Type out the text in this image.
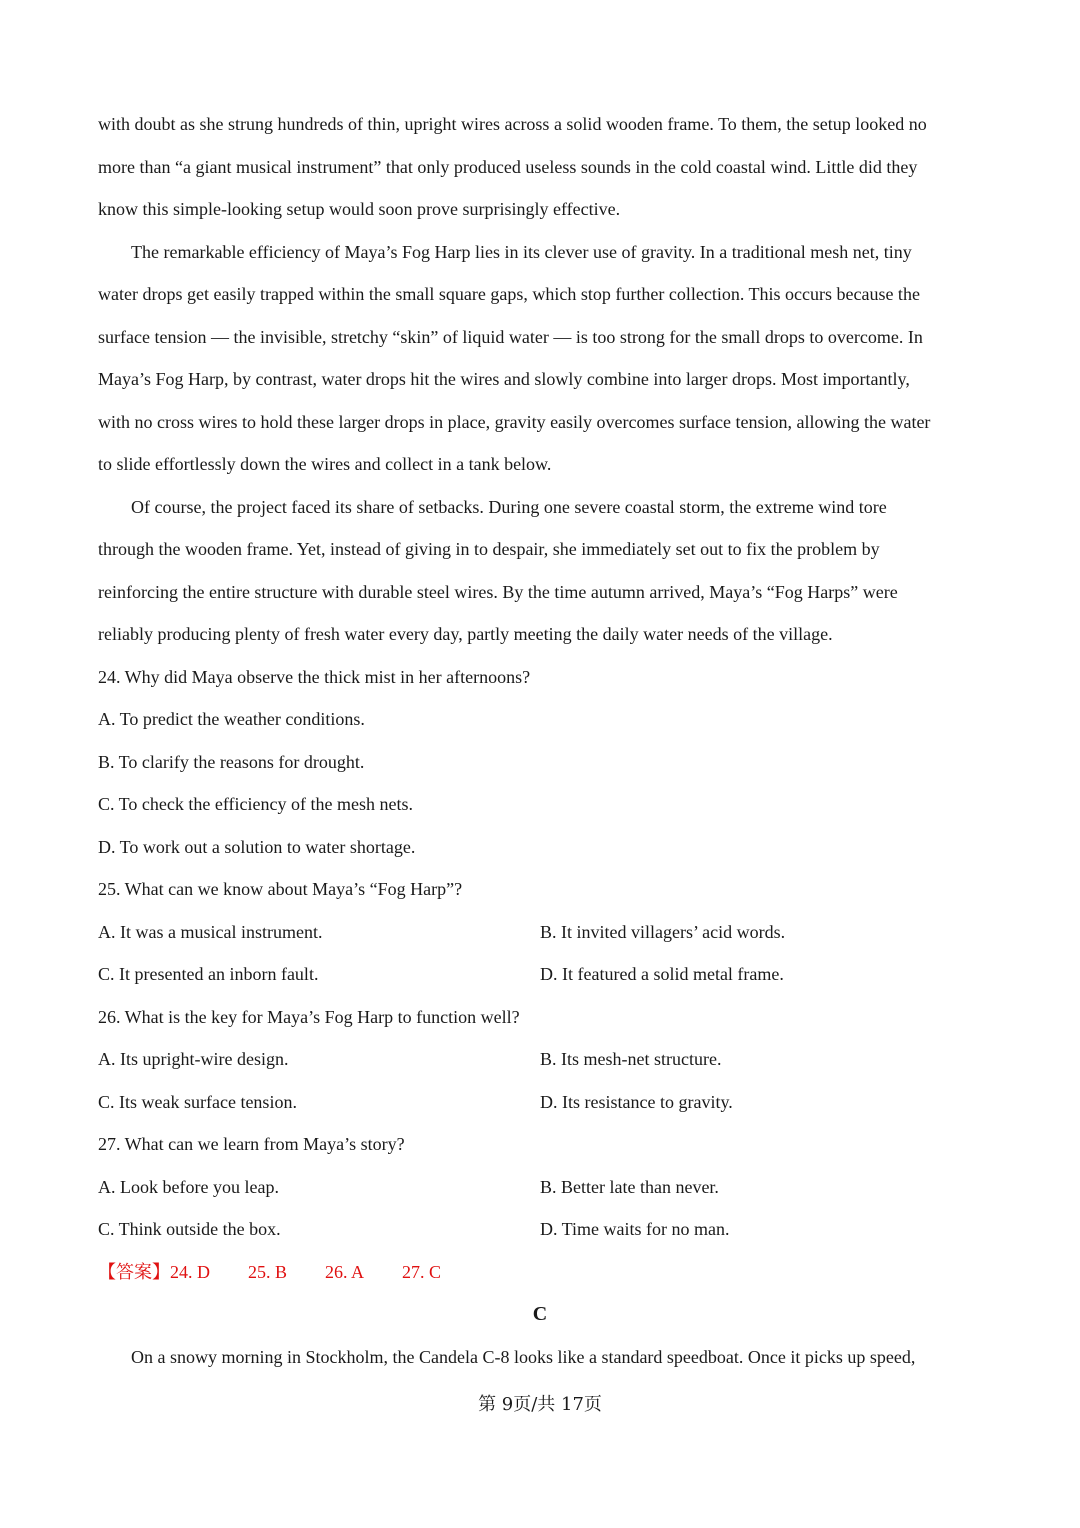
with doubt as she strung hundreds of thin, upright wires across a solid wooden frame. To them, the setup looked no
more than “a giant musical instrument” that only produced useless sounds in the cold coastal wind. Little did they
know this simple-looking setup would soon prove surprisingly effective.
The remarkable efficiency of Maya’s Fog Harp lies in its clever use of gravity. In a traditional mesh net, tiny
water drops get easily trapped within the small square gaps, which stop further collection. This occurs because the
surface tension — the invisible, stretchy “skin” of liquid water — is too strong for the small drops to overcome. In
Maya’s Fog Harp, by contrast, water drops hit the wires and slowly combine into larger drops. Most importantly,
with no cross wires to hold these larger drops in place, gravity easily overcomes surface tension, allowing the water
to slide effortlessly down the wires and collect in a tank below.
Of course, the project faced its share of setbacks. During one severe coastal storm, the extreme wind tore
through the wooden frame. Yet, instead of giving in to despair, she immediately set out to fix the problem by
reinforcing the entire structure with durable steel wires. By the time autumn arrived, Maya’s “Fog Harps” were
reliably producing plenty of fresh water every day, partly meeting the daily water needs of the village.
24. Why did Maya observe the thick mist in her afternoons?
A. To predict the weather conditions.
B. To clarify the reasons for drought.
C. To check the efficiency of the mesh nets.
D. To work out a solution to water shortage.
25. What can we know about Maya’s “Fog Harp”?
A. It was a musical instrument.	B. It invited villagers’ acid words.
C. It presented an inborn fault.	D. It featured a solid metal frame.
26. What is the key for Maya’s Fog Harp to function well?
A. Its upright-wire design.	B. Its mesh-net structure.
C. Its weak surface tension.	D. Its resistance to gravity.
27. What can we learn from Maya’s story?
A. Look before you leap.	B. Better late than never.
C. Think outside the box.	D. Time waits for no man.
【答案】24. D 25. B 26. A 27. C
C
On a snowy morning in Stockholm, the Candela C-8 looks like a standard speedboat. Once it picks up speed,
第 9页/共 17页
